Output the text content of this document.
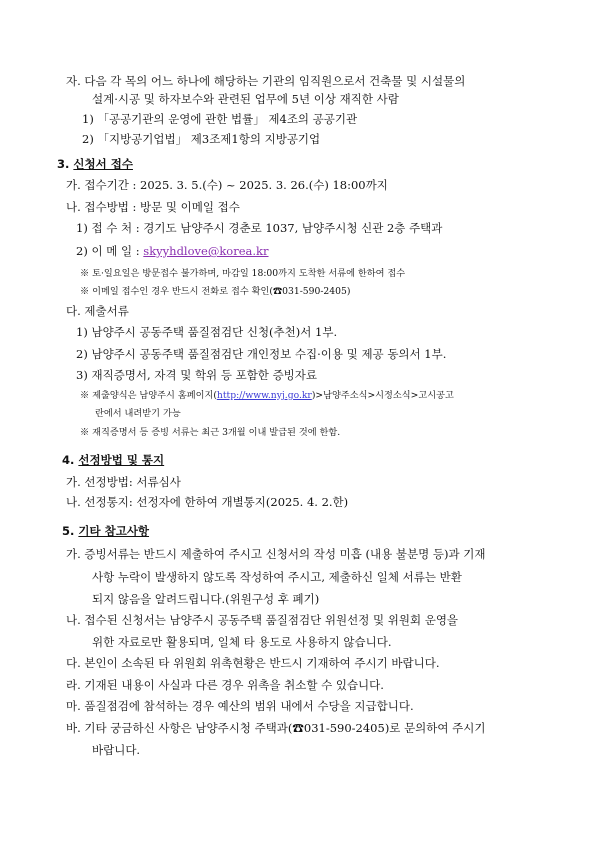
자. 다음 각 목의 어느 하나에 해당하는 기관의 임직원으로서 건축물 및 시설물의
설계·시공 및 하자보수와 관련된 업무에 5년 이상 재직한 사람
1) 「공공기관의 운영에 관한 법률」 제4조의 공공기관
2) 「지방공기업법」 제3조제1항의 지방공기업
3. 신청서 접수
가. 접수기간 : 2025. 3. 5.(수) ~ 2025. 3. 26.(수) 18:00까지
나. 접수방법 : 방문 및 이메일 접수
1) 접 수 처 : 경기도 남양주시 경춘로 1037, 남양주시청 신관 2층 주택과
2) 이 메 일 : skyyhdlove@korea.kr
※ 토·일요일은 방문접수 불가하며, 마감일 18:00까지 도착한 서류에 한하여 접수
※ 이메일 접수인 경우 반드시 전화로 접수 확인(☎031-590-2405)
다. 제출서류
1) 남양주시 공동주택 품질점검단 신청(추천)서 1부.
2) 남양주시 공동주택 품질점검단 개인정보 수집·이용 및 제공 동의서 1부.
3) 재직증명서, 자격 및 학위 등 포함한 증빙자료
※ 제출양식은 남양주시 홈페이지(http://www.nyj.go.kr)>남양주소식>시정소식>고시공고
란에서 내려받기 가능
※ 재직증명서 등 증빙 서류는 최근 3개월 이내 발급된 것에 한함.
4. 선정방법 및 통지
가. 선정방법: 서류심사
나. 선정통지: 선정자에 한하여 개별통지(2025. 4. 2.한)
5. 기타 참고사항
가. 증빙서류는 반드시 제출하여 주시고 신청서의 작성 미흡 (내용 불분명 등)과 기재
사항 누락이 발생하지 않도록 작성하여 주시고, 제출하신 일체 서류는 반환
되지 않음을 알려드립니다.(위원구성 후 폐기)
나. 접수된 신청서는 남양주시 공동주택 품질점검단 위원선정 및 위원회 운영을
위한 자료로만 활용되며, 일체 타 용도로 사용하지 않습니다.
다. 본인이 소속된 타 위원회 위촉현황은 반드시 기재하여 주시기 바랍니다.
라. 기재된 내용이 사실과 다른 경우 위촉을 취소할 수 있습니다.
마. 품질점검에 참석하는 경우 예산의 범위 내에서 수당을 지급합니다.
바. 기타 궁금하신 사항은 남양주시청 주택과(☎031-590-2405)로 문의하여 주시기
바랍니다.
